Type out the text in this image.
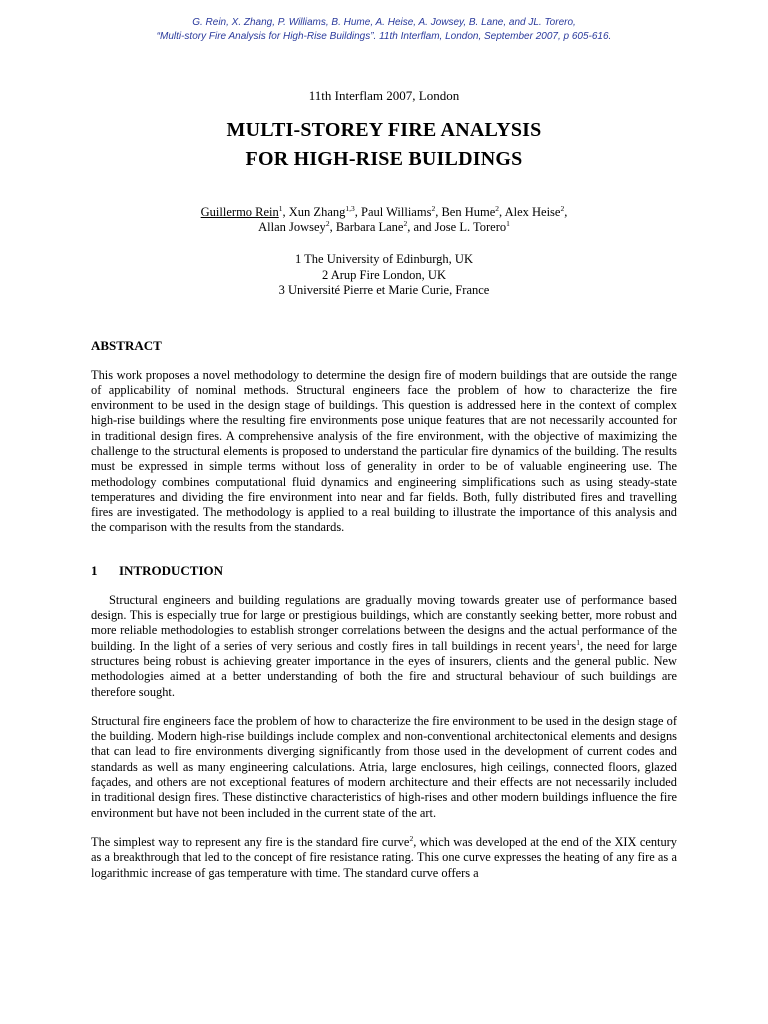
G. Rein, X. Zhang, P. Williams, B. Hume, A. Heise, A. Jowsey, B. Lane, and JL. Torero,
“Multi-story Fire Analysis for High-Rise Buildings”. 11th Interflam, London, September 2007, p 605-616.
11th Interflam 2007, London
MULTI-STOREY FIRE ANALYSIS
FOR HIGH-RISE BUILDINGS
Guillermo Rein$^1$, Xun Zhang$^{1,3}$, Paul Williams$^2$, Ben Hume$^2$, Alex Heise$^2$,
Allan Jowsey$^2$, Barbara Lane$^2$, and Jose L. Torero$^1$
1 The University of Edinburgh, UK
2 Arup Fire London, UK
3 Université Pierre et Marie Curie, France
ABSTRACT

This work proposes a novel methodology to determine the design fire of modern buildings that are outside the range of applicability of nominal methods. Structural engineers face the problem of how to characterize the fire environment to be used in the design stage of buildings. This question is addressed here in the context of complex high-rise buildings where the resulting fire environments pose unique features that are not necessarily accounted for in traditional design fires. A comprehensive analysis of the fire environment, with the objective of maximizing the challenge to the structural elements is proposed to understand the particular fire dynamics of the building. The results must be expressed in simple terms without loss of generality in order to be of valuable engineering use. The methodology combines computational fluid dynamics and engineering simplifications such as using steady-state temperatures and dividing the fire environment into near and far fields. Both, fully distributed fires and travelling fires are investigated. The methodology is applied to a real building to illustrate the importance of this analysis and the comparison with the results from the standards.

1 INTRODUCTION

Structural engineers and building regulations are gradually moving towards greater use of performance based design. This is especially true for large or prestigious buildings, which are constantly seeking better, more robust and more reliable methodologies to establish stronger correlations between the designs and the actual performance of the building. In the light of a series of very serious and costly fires in tall buildings in recent years$^1$, the need for large structures being robust is achieving greater importance in the eyes of insurers, clients and the general public. New methodologies aimed at a better understanding of both the fire and structural behaviour of such buildings are therefore sought.

Structural fire engineers face the problem of how to characterize the fire environment to be used in the design stage of the building. Modern high-rise buildings include complex and non-conventional architectonical elements and designs that can lead to fire environments diverging significantly from those used in the development of current codes and standards as well as many engineering calculations. Atria, large enclosures, high ceilings, connected floors, glazed façades, and others are not exceptional features of modern architecture and their effects are not necessarily included in traditional design fires. These distinctive characteristics of high-rises and other modern buildings influence the fire environment but have not been included in the current state of the art.

The simplest way to represent any fire is the standard fire curve$^2$, which was developed at the end of the XIX century as a breakthrough that led to the concept of fire resistance rating. This one curve expresses the heating of any fire as a logarithmic increase of gas temperature with time. The standard curve offers a
